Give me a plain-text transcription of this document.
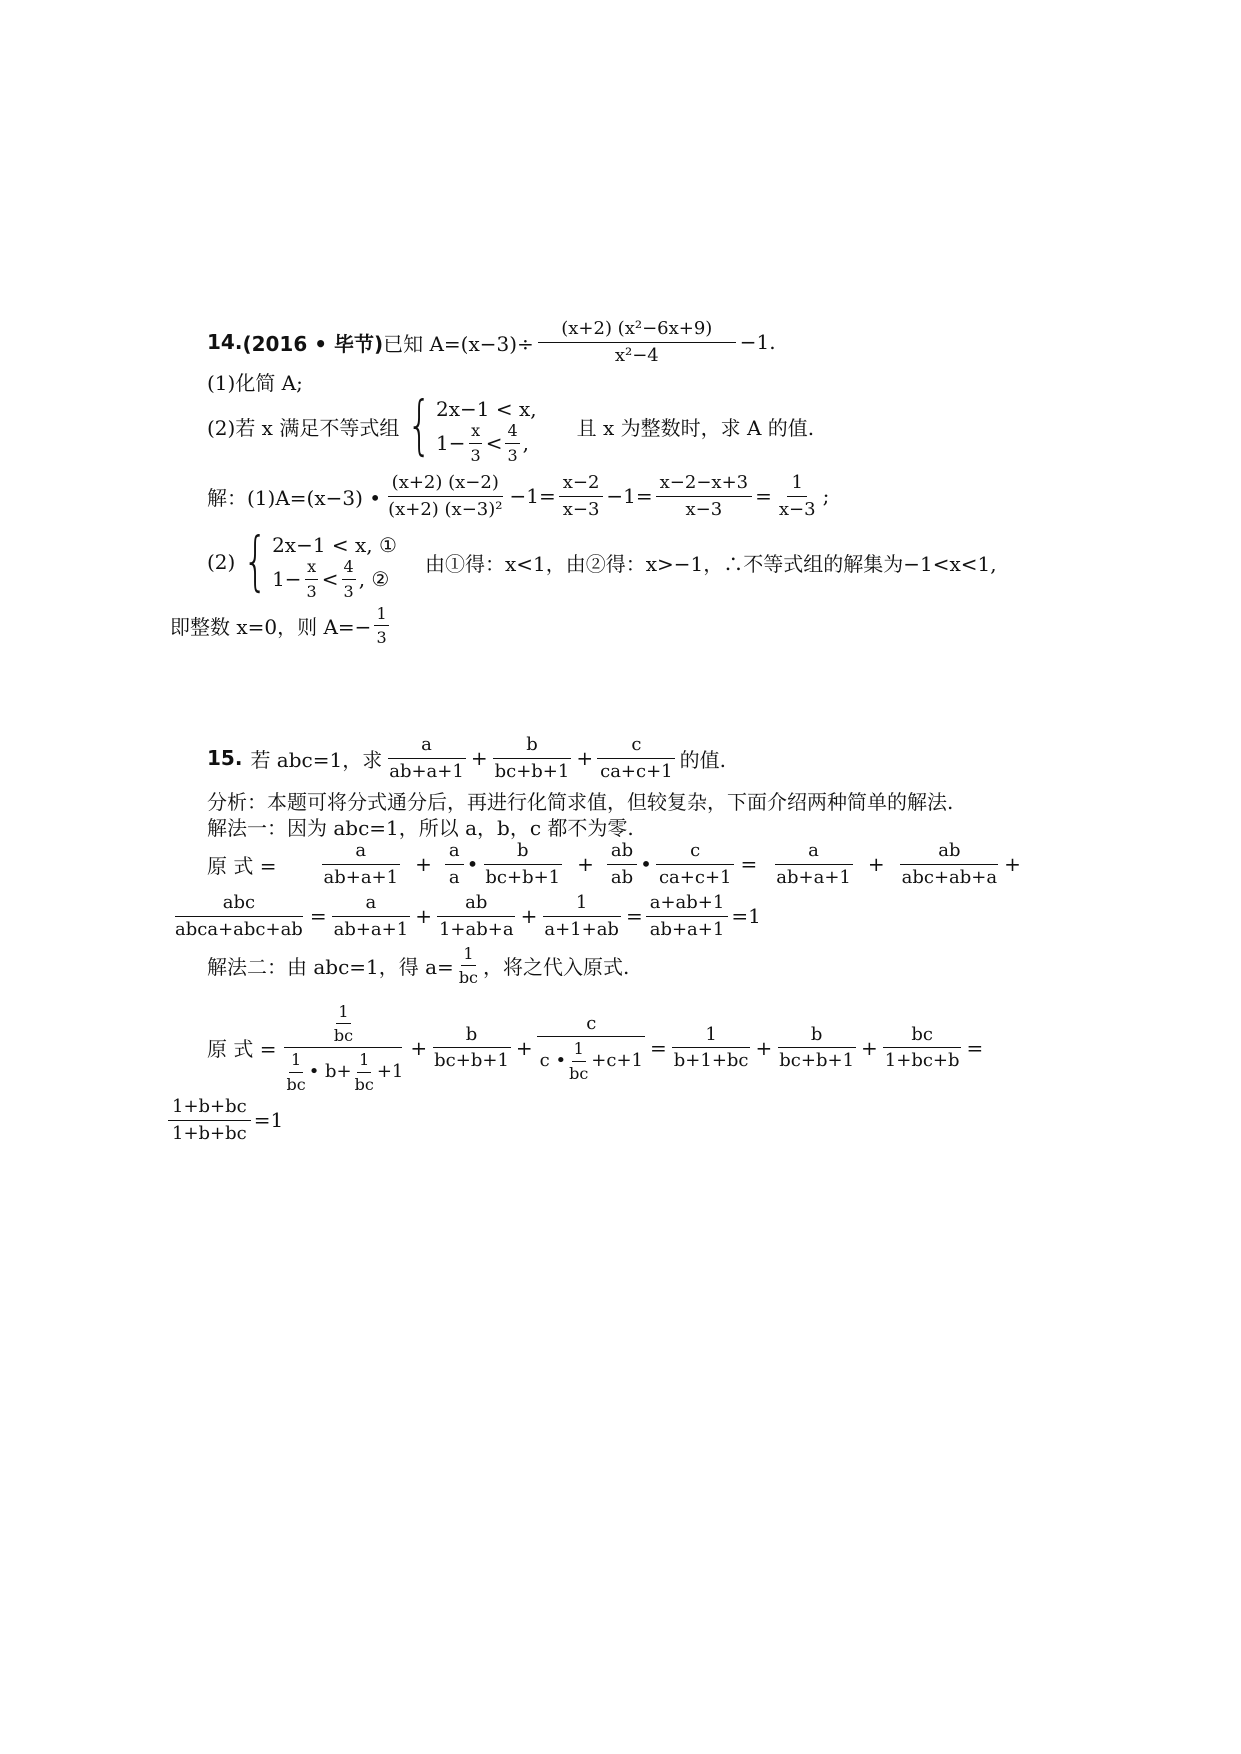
14. (2016 • 毕节) 已知 $A=(x-3)\div \frac{\text{(x+2) (x²−6x+9)}}{\text{x²−4}} -1$.
(1)化简 A;
(2)若 x 满足不等式组 { 2x−1 < x,
$1- \frac{x}{3} < \frac{4}{3}$ ,
且 x 为整数时，求 A 的值.
解：(1)A=(x−3) • $\frac{(x+2) (x-2)}{\text{(x+2) (x−3)²}} -1= \frac{x-2}{x-3} -1= \frac{x-2-x+3}{x-3} = \frac{1}{x-3}$ ;
(2) { 2x−1 < x, ①
$1- \frac{x}{3} < \frac{4}{3}$ , ②
由①得：x<1，由②得：x>−1，∴不等式组的解集为−1<x<1,
即整数 x=0，则 $A=- \frac{1}{3}$
15. 若 abc=1，求 $\frac{a}{ab+a+1} + \frac{b}{bc+b+1} + \frac{c}{ca+c+1}$ 的值.
分析：本题可将分式通分后，再进行化简求值，但较复杂，下面介绍两种简单的解法.
解法一：因为 abc=1，所以 a，b，c 都不为零.
原 式 = $\frac{a}{ab+a+1} + \frac{a}{a}$ • $\frac{b}{bc+b+1} + \frac{ab}{ab}$ • $\frac{c}{ca+c+1} = \frac{a}{ab+a+1} + \frac{ab}{\text{abc+ab+a}}$ +
$\frac{\text{abc}}{\text{abca+abc+ab}} = \frac{a}{ab+a+1} + \frac{ab}{1+ab+a} + \frac{1}{a+1+ab} = \frac{a+ab+1}{ab+a+1} =1$
解法二：由 abc=1，得 $a= \frac{1}{bc}$ ，将之代入原式.
原 式 = $\frac{\frac{1}{bc}}{\frac{1}{bc} • b+ \frac{1}{bc} +1} + \frac{b}{bc+b+1} + \frac{c}{c • \frac{1}{bc} +c+1} = \frac{1}{b+1+bc} + \frac{b}{bc+b+1} + \frac{bc}{1+bc+b}$ =
$\frac{1+b+bc}{1+b+bc} =1$
